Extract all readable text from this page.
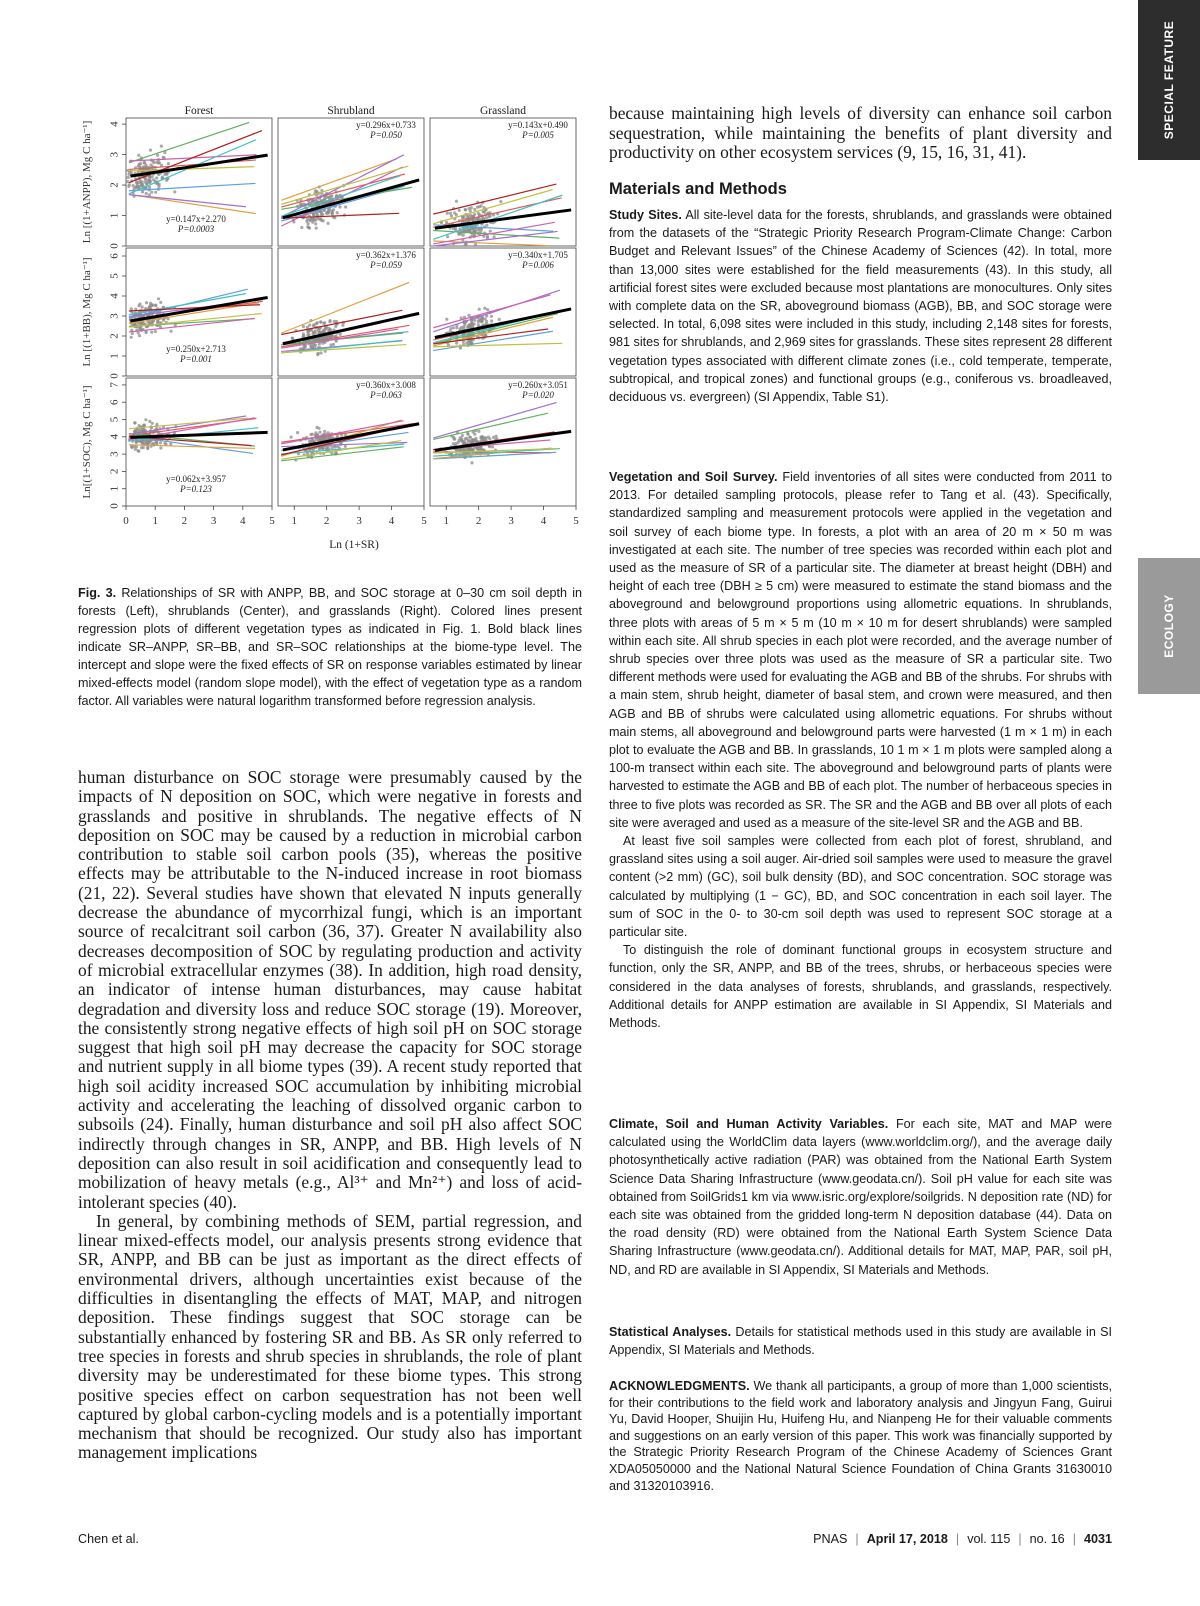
SPECIAL FEATURE
ECOLOGY
Forest	Shrubland	Grassland
y=0.147x+2.270
P=0.0003
0
1
2
3
4	y=0.296x+0.733
P=0.050
y=0.143x+0.490
P=0.005
y=0.250x+2.713
P=0.001
0
1
2
3
4
5
6	y=0.362x+1.376
P=0.059
y=0.340x+1.705
P=0.006
y=0.062x+3.957
P=0.123
0
1
2
3
4
5
6
7	y=0.360x+3.008
P=0.063
y=0.260x+3.051
P=0.020
0 1 2 3 4 5 1 2 3 4 5 1 2 3 4 5
Ln (1+SR)
Ln [(1+ANPP), Mg C ha⁻¹]
Ln [(1+BB), Mg C ha⁻¹]
Ln[(1+SOC), Mg C ha⁻¹]
Fig. 3. Relationships of SR with ANPP, BB, and SOC storage at 0–30 cm soil depth in forests (Left), shrublands (Center), and grasslands (Right). Colored lines present regression plots of different vegetation types as indicated in Fig. 1. Bold black lines indicate SR–ANPP, SR–BB, and SR–SOC relationships at the biome-type level. The intercept and slope were the fixed effects of SR on response variables estimated by linear mixed-effects model (random slope model), with the effect of vegetation type as a random factor. All variables were natural logarithm transformed before regression analysis.

human disturbance on SOC storage were presumably caused by the impacts of N deposition on SOC, which were negative in forests and grasslands and positive in shrublands. The negative effects of N deposition on SOC may be caused by a reduction in microbial carbon contribution to stable soil carbon pools (35), whereas the positive effects may be attributable to the N-induced increase in root biomass (21, 22). Several studies have shown that elevated N inputs generally decrease the abundance of mycorrhizal fungi, which is an important source of recalcitrant soil carbon (36, 37). Greater N availability also decreases decomposition of SOC by regulating production and activity of microbial extracellular enzymes (38). In addition, high road density, an indicator of intense human disturbances, may cause habitat degradation and diversity loss and reduce SOC storage (19). Moreover, the consistently strong negative effects of high soil pH on SOC storage suggest that high soil pH may decrease the capacity for SOC storage and nutrient supply in all biome types (39). A recent study reported that high soil acidity increased SOC accumulation by inhibiting microbial activity and accelerating the leaching of dissolved organic carbon to subsoils (24). Finally, human disturbance and soil pH also affect SOC indirectly through changes in SR, ANPP, and BB. High levels of N deposition can also result in soil acidification and consequently lead to mobilization of heavy metals (e.g., Al³⁺ and Mn²⁺) and loss of acid-intolerant species (40).

In general, by combining methods of SEM, partial regression, and linear mixed-effects model, our analysis presents strong evidence that SR, ANPP, and BB can be just as important as the direct effects of environmental drivers, although uncertainties exist because of the difficulties in disentangling the effects of MAT, MAP, and nitrogen deposition. These findings suggest that SOC storage can be substantially enhanced by fostering SR and BB. As SR only referred to tree species in forests and shrub species in shrublands, the role of plant diversity may be underestimated for these biome types. This strong positive species effect on carbon sequestration has not been well captured by global carbon-cycling models and is a potentially important mechanism that should be recognized. Our study also has important management implications

because maintaining high levels of diversity can enhance soil carbon sequestration, while maintaining the benefits of plant diversity and productivity on other ecosystem services (9, 15, 16, 31, 41).

Materials and Methods

Study Sites. All site-level data for the forests, shrublands, and grasslands were obtained from the datasets of the “Strategic Priority Research Program-Climate Change: Carbon Budget and Relevant Issues” of the Chinese Academy of Sciences (42). In total, more than 13,000 sites were established for the field measurements (43). In this study, all artificial forest sites were excluded because most plantations are monocultures. Only sites with complete data on the SR, aboveground biomass (AGB), BB, and SOC storage were selected. In total, 6,098 sites were included in this study, including 2,148 sites for forests, 981 sites for shrublands, and 2,969 sites for grasslands. These sites represent 28 different vegetation types associated with different climate zones (i.e., cold temperate, temperate, subtropical, and tropical zones) and functional groups (e.g., coniferous vs. broadleaved, deciduous vs. evergreen) (SI Appendix, Table S1).

Vegetation and Soil Survey. Field inventories of all sites were conducted from 2011 to 2013. For detailed sampling protocols, please refer to Tang et al. (43). Specifically, standardized sampling and measurement protocols were applied in the vegetation and soil survey of each biome type. In forests, a plot with an area of 20 m × 50 m was investigated at each site. The number of tree species was recorded within each plot and used as the measure of SR of a particular site. The diameter at breast height (DBH) and height of each tree (DBH ≥ 5 cm) were measured to estimate the stand biomass and the aboveground and belowground proportions using allometric equations. In shrublands, three plots with areas of 5 m × 5 m (10 m × 10 m for desert shrublands) were sampled within each site. All shrub species in each plot were recorded, and the average number of shrub species over three plots was used as the measure of SR a particular site. Two different methods were used for evaluating the AGB and BB of the shrubs. For shrubs with a main stem, shrub height, diameter of basal stem, and crown were measured, and then AGB and BB of shrubs were calculated using allometric equations. For shrubs without main stems, all aboveground and belowground parts were harvested (1 m × 1 m) in each plot to evaluate the AGB and BB. In grasslands, 10 1 m × 1 m plots were sampled along a 100-m transect within each site. The aboveground and belowground parts of plants were harvested to estimate the AGB and BB of each plot. The number of herbaceous species in three to five plots was recorded as SR. The SR and the AGB and BB over all plots of each site were averaged and used as a measure of the site-level SR and the AGB and BB.

At least five soil samples were collected from each plot of forest, shrubland, and grassland sites using a soil auger. Air-dried soil samples were used to measure the gravel content (>2 mm) (GC), soil bulk density (BD), and SOC concentration. SOC storage was calculated by multiplying (1 − GC), BD, and SOC concentration in each soil layer. The sum of SOC in the 0- to 30-cm soil depth was used to represent SOC storage at a particular site.

To distinguish the role of dominant functional groups in ecosystem structure and function, only the SR, ANPP, and BB of the trees, shrubs, or herbaceous species were considered in the data analyses of forests, shrublands, and grasslands, respectively. Additional details for ANPP estimation are available in SI Appendix, SI Materials and Methods.

Climate, Soil and Human Activity Variables. For each site, MAT and MAP were calculated using the WorldClim data layers (www.worldclim.org/), and the average daily photosynthetically active radiation (PAR) was obtained from the National Earth System Science Data Sharing Infrastructure (www.geodata.cn/). Soil pH value for each site was obtained from SoilGrids1 km via www.isric.org/explore/soilgrids. N deposition rate (ND) for each site was obtained from the gridded long-term N deposition database (44). Data on the road density (RD) were obtained from the National Earth System Science Data Sharing Infrastructure (www.geodata.cn/). Additional details for MAT, MAP, PAR, soil pH, ND, and RD are available in SI Appendix, SI Materials and Methods.

Statistical Analyses. Details for statistical methods used in this study are available in SI Appendix, SI Materials and Methods.

ACKNOWLEDGMENTS. We thank all participants, a group of more than 1,000 scientists, for their contributions to the field work and laboratory analysis and Jingyun Fang, Guirui Yu, David Hooper, Shuijin Hu, Huifeng Hu, and Nianpeng He for their valuable comments and suggestions on an early version of this paper. This work was financially supported by the Strategic Priority Research Program of the Chinese Academy of Sciences Grant XDA05050000 and the National Natural Science Foundation of China Grants 31630010 and 31320103916.

Chen et al.	PNAS | April 17, 2018 | vol. 115 | no. 16 | 4031
